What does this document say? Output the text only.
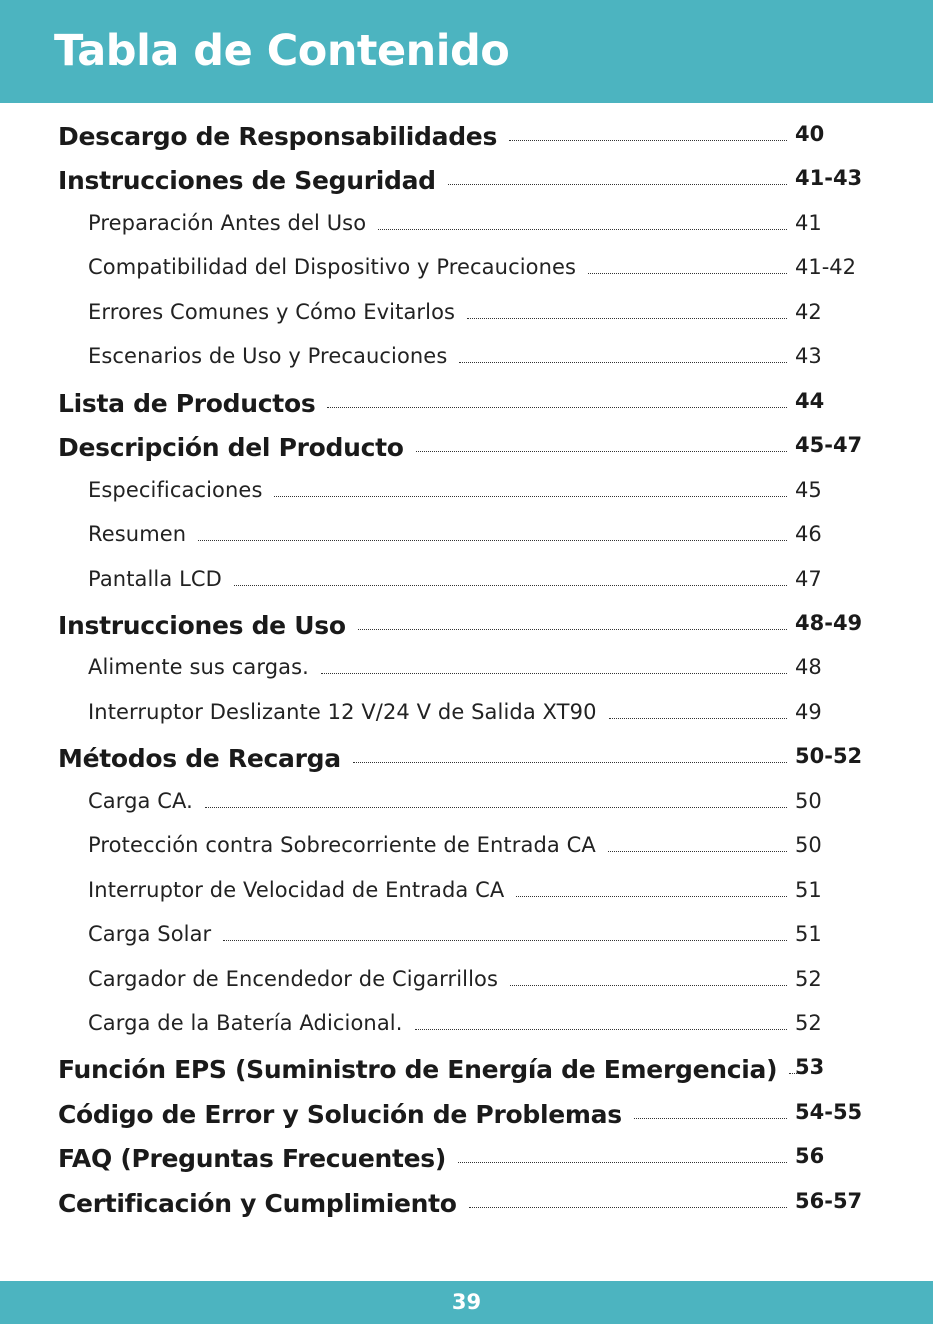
Tabla de Contenido
Descargo de Responsabilidades	40
Instrucciones de Seguridad	41-43
Preparación Antes del Uso	41
Compatibilidad del Dispositivo y Precauciones	41-42
Errores Comunes y Cómo Evitarlos	42
Escenarios de Uso y Precauciones	43
Lista de Productos	44
Descripción del Producto	45-47
Especificaciones	45
Resumen	46
Pantalla LCD	47
Instrucciones de Uso	48-49
Alimente sus cargas.	48
Interruptor Deslizante 12 V/24 V de Salida XT90	49
Métodos de Recarga	50-52
Carga CA.	50
Protección contra Sobrecorriente de Entrada CA	50
Interruptor de Velocidad de Entrada CA	51
Carga Solar	51
Cargador de Encendedor de Cigarrillos	52
Carga de la Batería Adicional.	52
Función EPS (Suministro de Energía de Emergencia) 53
Código de Error y Solución de Problemas	54-55
FAQ (Preguntas Frecuentes)	56
Certificación y Cumplimiento	56-57
39
